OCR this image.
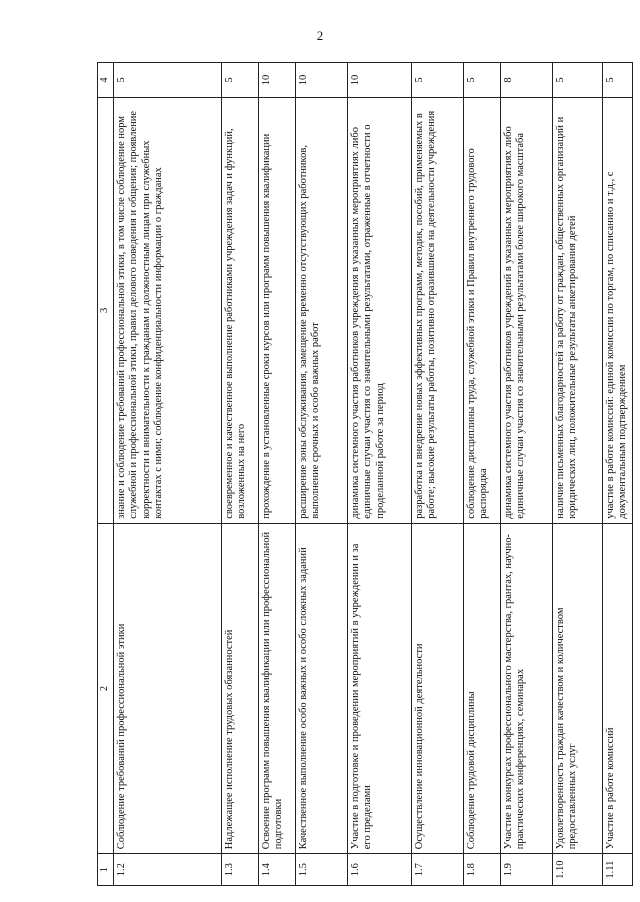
2
1	2	3	4
1.2	Соблюдение требований профессиональной этики	знание и соблюдение требований профессиональной этики, в том числе соблюдение норм служебной и профессиональной этики, правил делового поведения и общения; проявление корректности и внимательности к гражданам и должностным лицам при служебных контактах с ними; соблюдение конфиденциальности информации о гражданах	5
1.3	Надлежащее исполнение трудовых обязанностей	своевременное и качественное выполнение работниками учреждения задач и функций, возложенных на него	5
1.4	Освоение программ повышения квалификации или профессиональной подготовки	прохождение в установленные сроки курсов или программ повышения квалификации	10
1.5	Качественное выполнение особо важных и особо сложных заданий	расширение зоны обслуживания, замещение временно отсутствующих работников, выполнение срочных и особо важных работ	10
1.6	Участие в подготовке и проведении мероприятий в учреждении и за его пределами	динамика системного участия работников учреждения в указанных мероприятиях либо единичные случаи участия со значительными результатами, отраженные в отчетности о проделанной работе за период	10
1.7	Осуществление инновационной деятельности	разработка и внедрение новых эффективных программ, методик, пособий, применяемых в работе; высокие результаты работы, позитивно отразившиеся на деятельности учреждения	5
1.8	Соблюдение трудовой дисциплины	соблюдение дисциплины труда, служебной этики и Правил внутреннего трудового распорядка	5
1.9	Участие в конкурсах профессионального мастерства, грантах, научно-практических конференциях, семинарах	динамика системного участия работников учреждений в указанных мероприятиях либо единичные случаи участия со значительными результатами более широкого масштаба	8
1.10	Удовлетворенность граждан качеством и количеством предоставленных услуг	наличие письменных благодарностей за работу от граждан, общественных организаций и юридических лиц, положительные результаты анкетирования детей	5
1.11	Участие в работе комиссий	участие в работе комиссий: единой комиссии по торгам, по списанию и т.д., с документальным подтверждением	5
